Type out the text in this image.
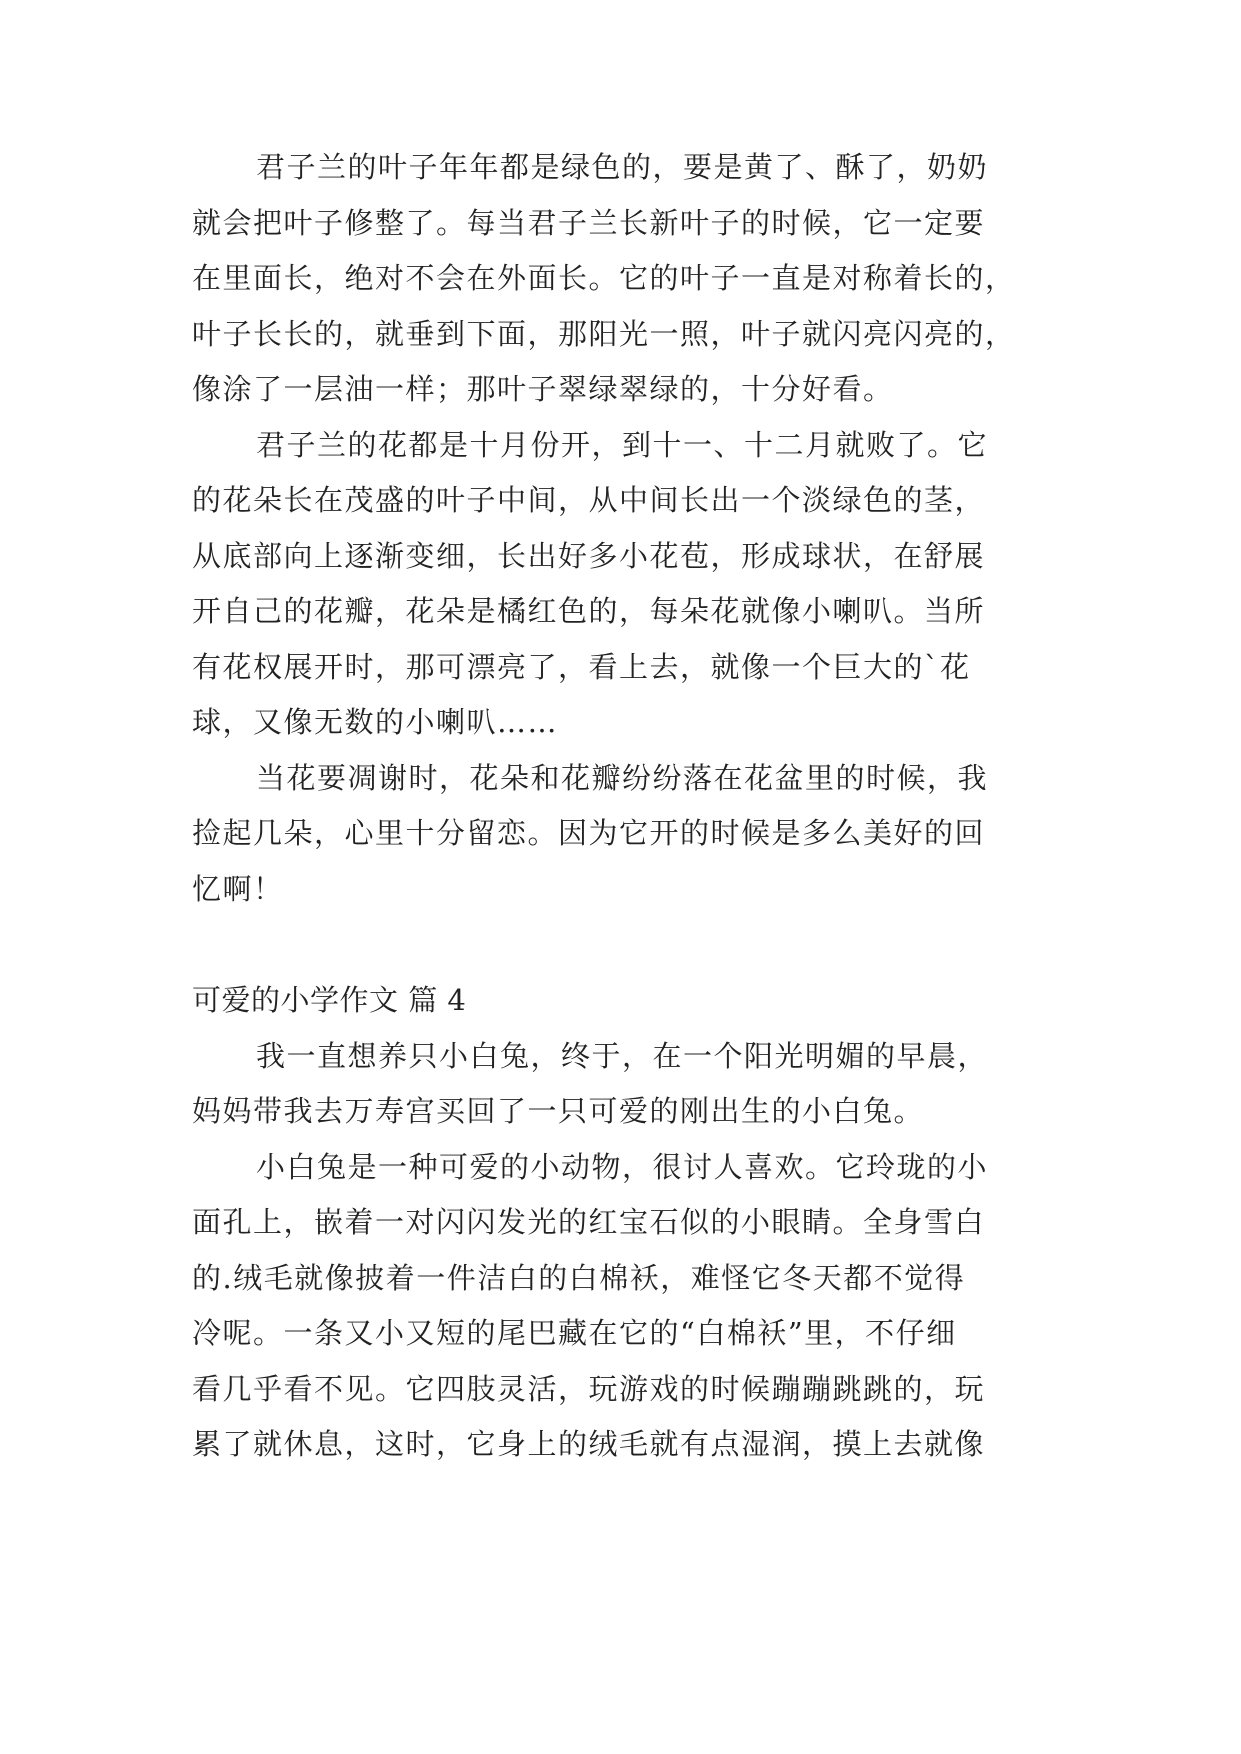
君子兰的叶子年年都是绿色的，要是黄了、酥了，奶奶
就会把叶子修整了。每当君子兰长新叶子的时候，它一定要
在里面长，绝对不会在外面长。它的叶子一直是对称着长的，
叶子长长的，就垂到下面，那阳光一照，叶子就闪亮闪亮的，
像涂了一层油一样；那叶子翠绿翠绿的，十分好看。
君子兰的花都是十月份开，到十一、十二月就败了。它
的花朵长在茂盛的叶子中间，从中间长出一个淡绿色的茎，
从底部向上逐渐变细，长出好多小花苞，形成球状，在舒展
开自己的花瓣，花朵是橘红色的，每朵花就像小喇叭。当所
有花权展开时，那可漂亮了，看上去，就像一个巨大的`花
球，又像无数的小喇叭……
当花要凋谢时，花朵和花瓣纷纷落在花盆里的时候，我
捡起几朵，心里十分留恋。因为它开的时候是多么美好的回
忆啊！
可爱的小学作文 篇 4
我一直想养只小白兔，终于，在一个阳光明媚的早晨，
妈妈带我去万寿宫买回了一只可爱的刚出生的小白兔。
小白兔是一种可爱的小动物，很讨人喜欢。它玲珑的小
面孔上，嵌着一对闪闪发光的红宝石似的小眼睛。全身雪白
的.绒毛就像披着一件洁白的白棉袄，难怪它冬天都不觉得
冷呢。一条又小又短的尾巴藏在它的“白棉袄”里，不仔细
看几乎看不见。它四肢灵活，玩游戏的时候蹦蹦跳跳的，玩
累了就休息，这时，它身上的绒毛就有点湿润，摸上去就像
